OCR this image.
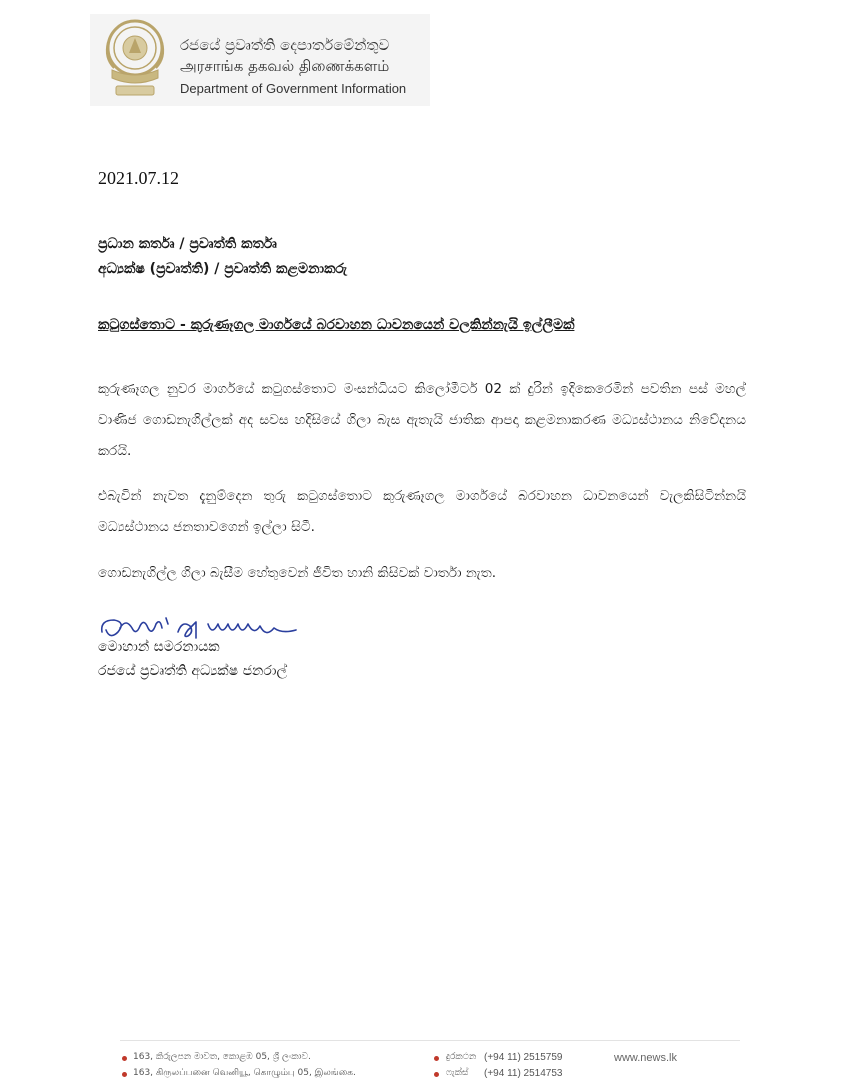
රජයේ ප්‍රවෘත්ති දෙපාර්තමේන්තුව
அரசாங்க தகவல் திணைக்களம்
Department of Government Information
2021.07.12
ප්‍රධාන කර්තෘ / ප්‍රවෘත්ති කර්තෘ
අධ්‍යක්ෂ (ප්‍රවෘත්ති) / ප්‍රවෘත්ති කළමනාකරු
කටුගස්තොට - කුරුණෑගල මාර්ගයේ බරවාහන ධාවනයෙන් වලකින්නැයි ඉල්ලීමක්
කුරුණෑගල නුවර මාර්ගයේ කටුගස්තොට මංසන්ධියට කිලෝමීටර් 02 ක් දුරින් ඉදිකෙරෙමින් පවතින පස් මහල් වාණිජ ගොඩනැගිල්ලක් අද සවස හදිසියේ ගිලා බැස ඇතැයි ජාතික ආපදා කළමනාකරණ මධ්‍යස්ථානය නිවේදනය කරයි.
එබැවින් නැවත දැනුම්දෙන තුරු කටුගස්තොට කුරුණෑගල මාර්ගයේ බරවාහන ධාවනයෙන් වැලකිසිටින්නයි මධ්‍යස්ථානය ජනතාවගෙන් ඉල්ලා සිටී.
ගොඩනැගිල්ල ගිලා බැසීම හේතුවෙන් ජීවිත හානි කිසිවක් වාර්තා නැත.
මොහාන් සමරනායක
රජයේ ප්‍රවෘත්ති අධ්‍යක්ෂ ජනරාල්
163, කිරුලපන මාවත, කොළඹ 05, ශ්‍රී ලංකාව.
163, கிருலப்பனை வெனியூ, கொழும்பு 05, இலங்கை.
දුරකථන
ෆැක්ස්
(+94 11) 2515759
(+94 11) 2514753
www.news.lk
